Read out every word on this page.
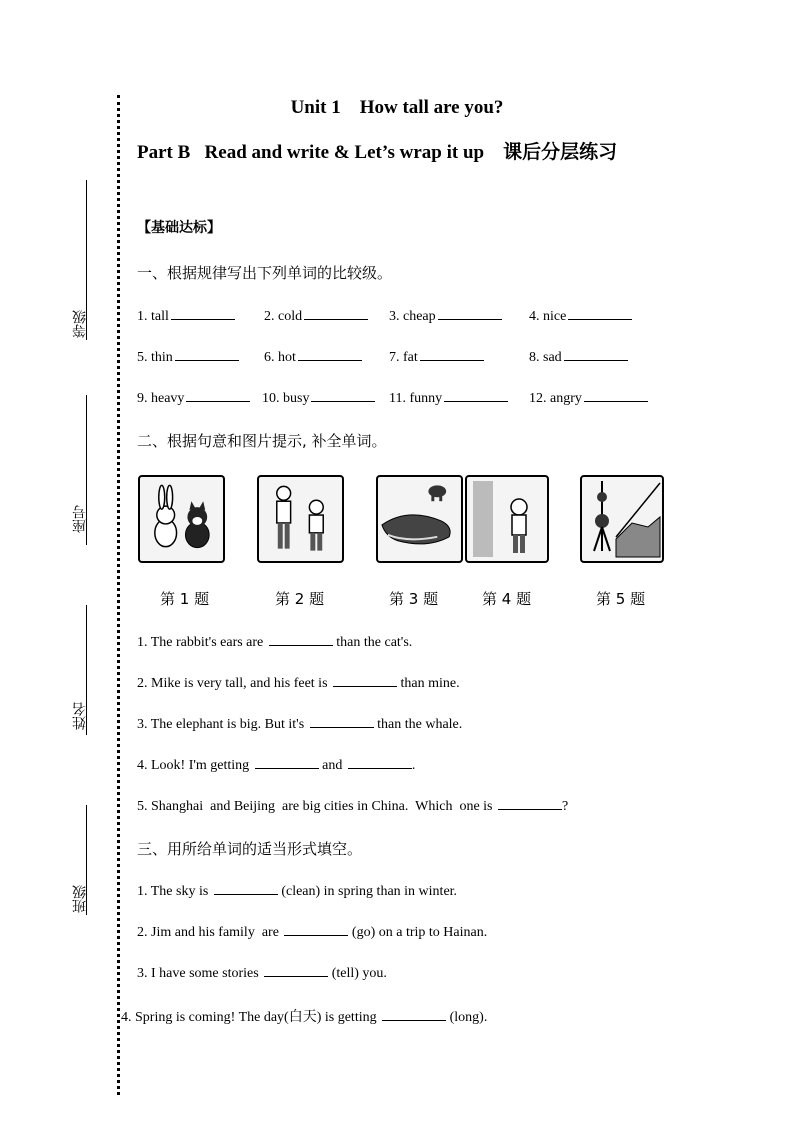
等级
座号
姓名
班级
Unit 1    How tall are you?
Part B   Read and write & Let’s wrap it up    课后分层练习
【基础达标】
一、根据规律写出下列单词的比较级。
1. tall	2. cold	3. cheap	4. nice
5. thin	6. hot	7. fat	8. sad
9. heavy	10. busy	11. funny	12. angry
二、根据句意和图片提示, 补全单词。
第 1 题	第 2 题	第 3 题	第 4 题	第 5 题
1. The rabbit's ears are	than the cat's.
2. Mike is very tall, and his feet is	than mine.
3. The elephant is big. But it's	than the whale.
4. Look! I'm getting	and	.
5. Shanghai  and Beijing  are big cities in China.  Which  one is	?
三、用所给单词的适当形式填空。
1. The sky is	(clean) in spring than in winter.
2. Jim and his family  are	(go) on a trip to Hainan.
3. I have some stories	(tell) you.
4. Spring is coming! The day(白天) is getting	(long).
